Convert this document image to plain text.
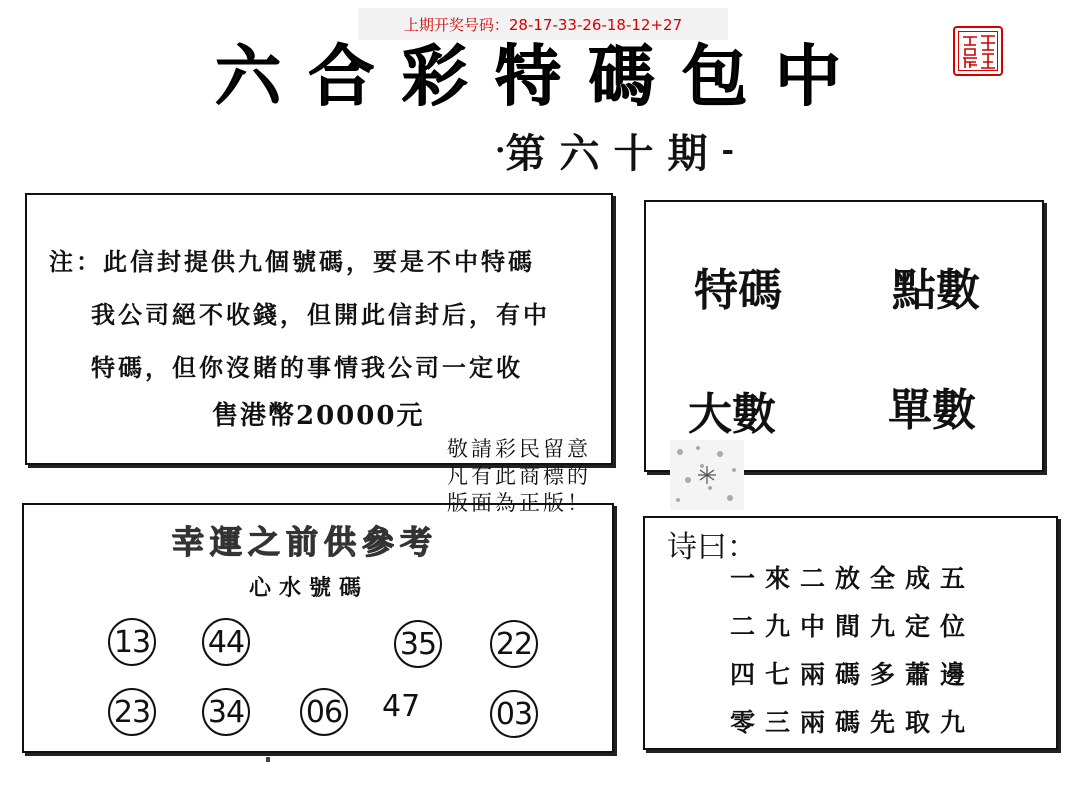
上期开奖号码：28-17-33-26-18-12+27
六 合 彩 特 碼 包 中
· 第六十期 -
注：此信封提供九個號碼，要是不中特碼
我公司絕不收錢，但開此信封后，有中
特碼，但你沒賭的事情我公司一定收
售港幣20000元
特碼	點數
大數	單數
敬請彩民留意
凡有此商標的
版面為正版！
幸運之前供參考
心水號碼
13 44	35 22
23 34 06 47	03
诗曰：
一來二放全成五
二九中間九定位
四七兩碼多蕭邊
零三兩碼先取九
